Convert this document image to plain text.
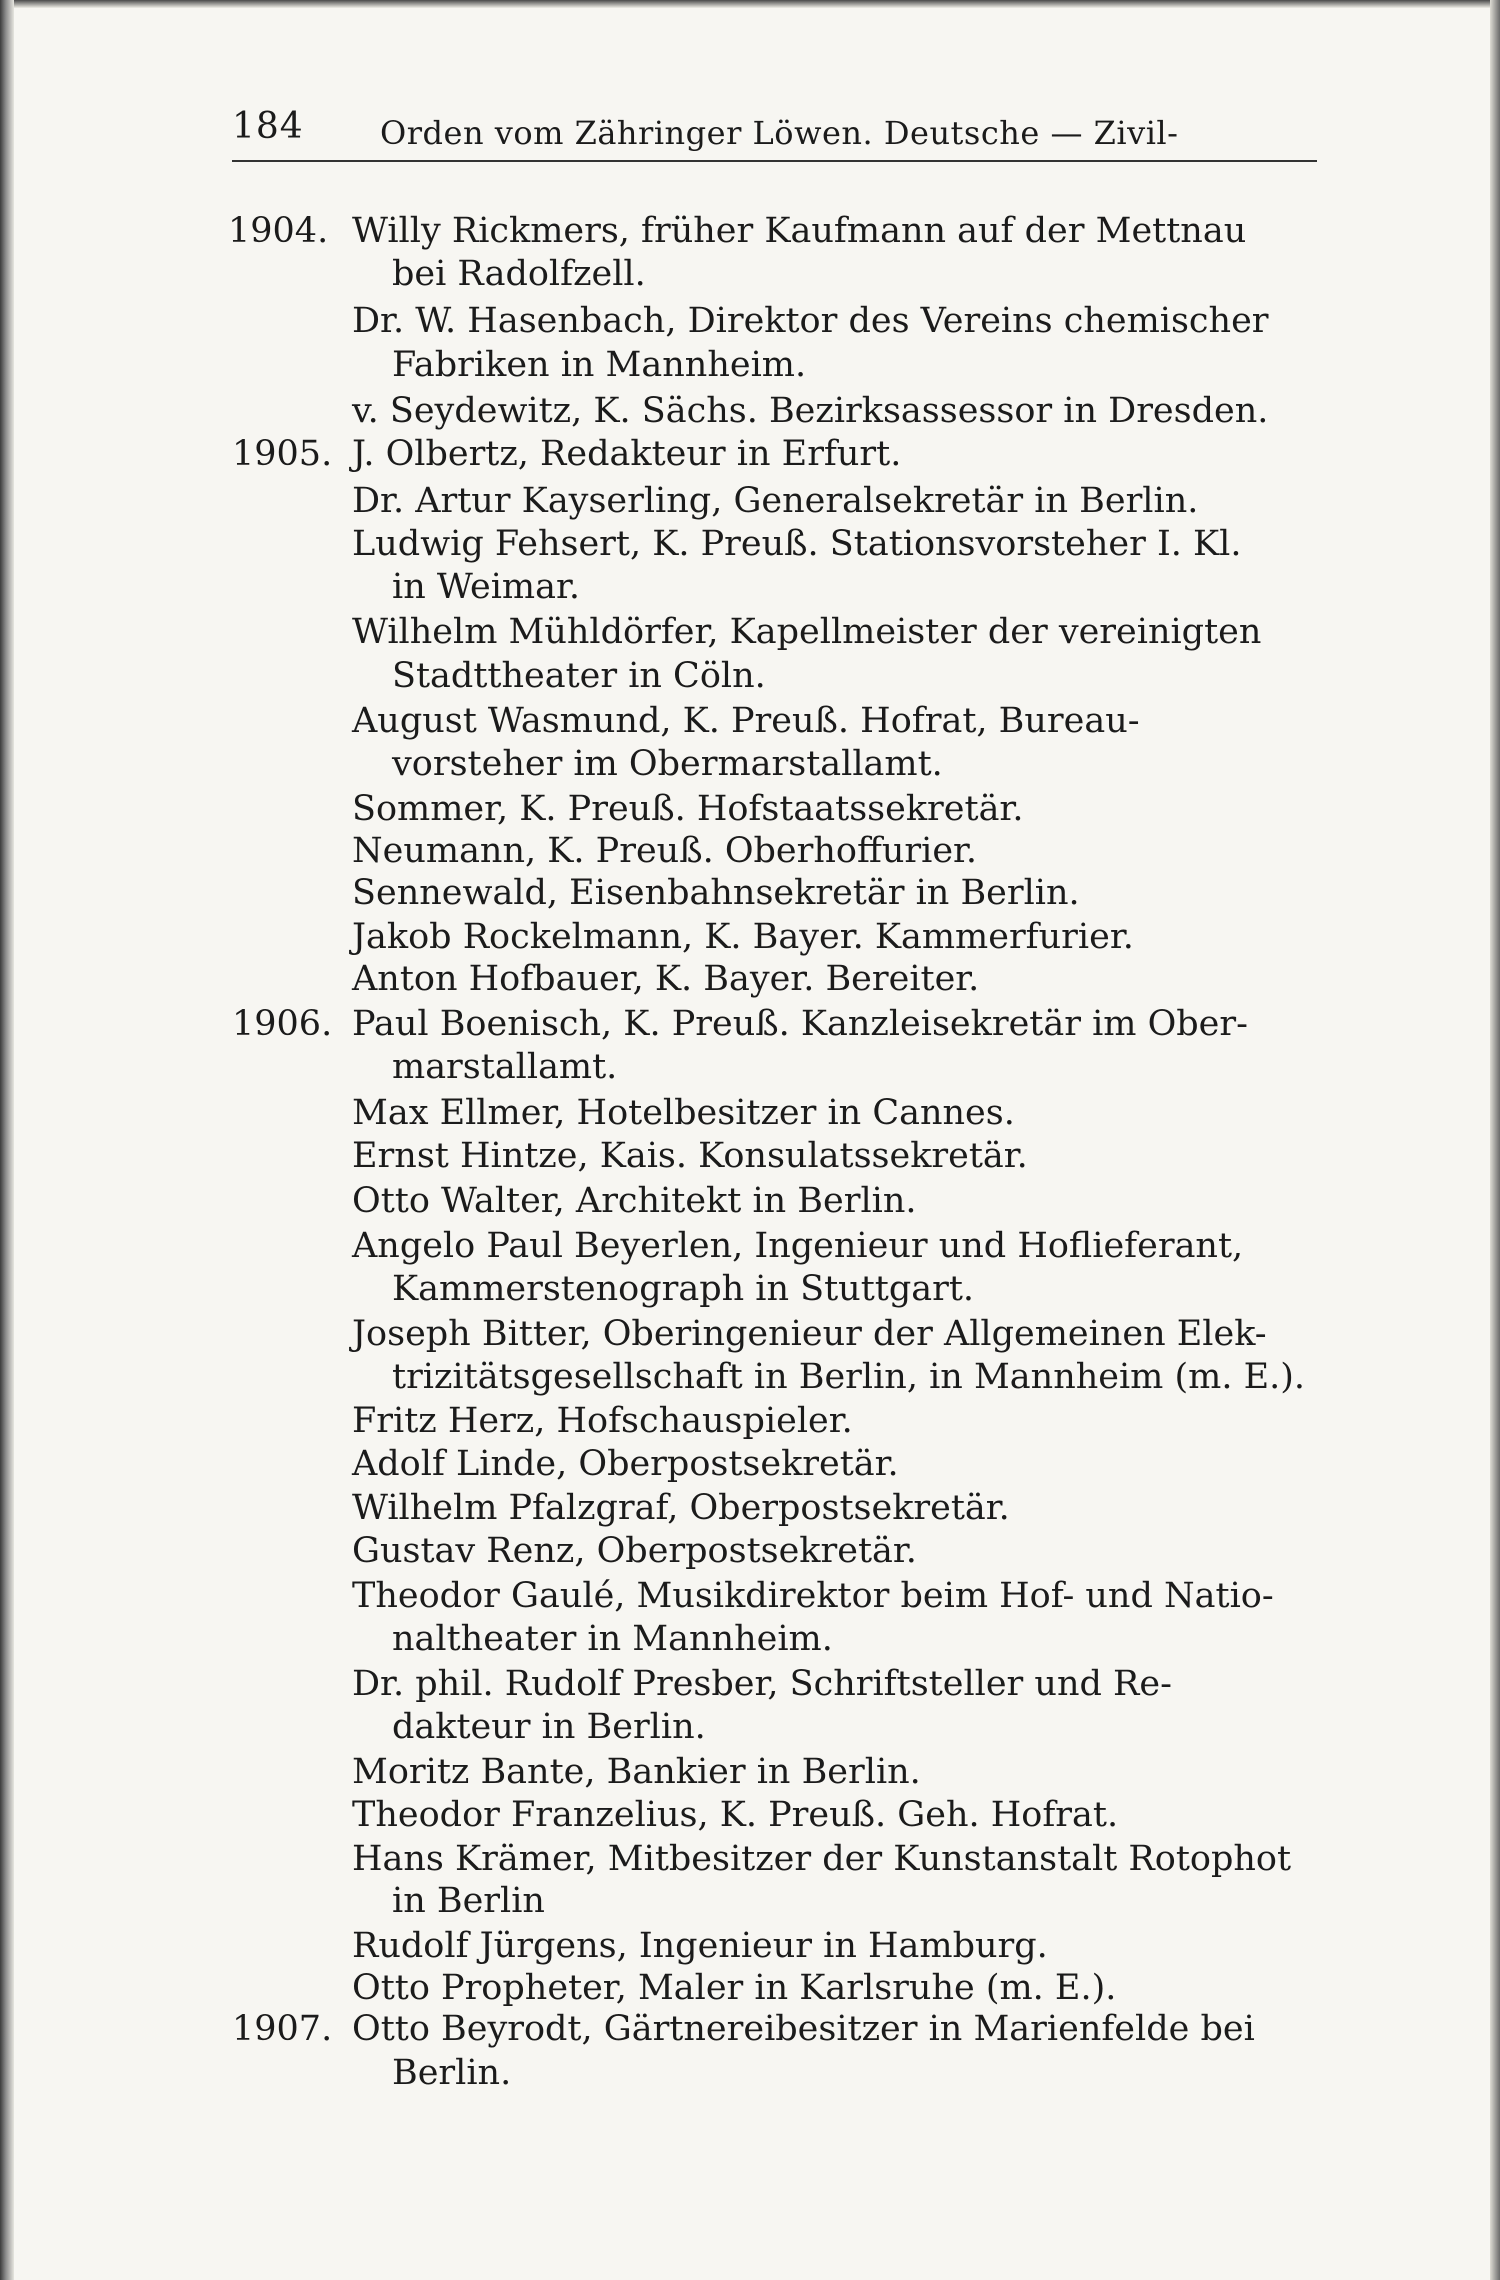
184 Orden vom Zähringer Löwen. Deutsche — Zivil-
1904.
1905.
1906.
1907.
Willy Rickmers, früher Kaufmann auf der Mettnau
bei Radolfzell.
Dr. W. Hasenbach, Direktor des Vereins chemischer
Fabriken in Mannheim.
v. Seydewitz, K. Sächs. Bezirksassessor in Dresden.
J. Olbertz, Redakteur in Erfurt.
Dr. Artur Kayserling, Generalsekretär in Berlin.
Ludwig Fehsert, K. Preuß. Stationsvorsteher I. Kl.
in Weimar.
Wilhelm Mühldörfer, Kapellmeister der vereinigten
Stadttheater in Cöln.
August Wasmund, K. Preuß. Hofrat, Bureau-
vorsteher im Obermarstallamt.
Sommer, K. Preuß. Hofstaatssekretär.
Neumann, K. Preuß. Oberhoffurier.
Sennewald, Eisenbahnsekretär in Berlin.
Jakob Rockelmann, K. Bayer. Kammerfurier.
Anton Hofbauer, K. Bayer. Bereiter.
Paul Boenisch, K. Preuß. Kanzleisekretär im Ober-
marstallamt.
Max Ellmer, Hotelbesitzer in Cannes.
Ernst Hintze, Kais. Konsulatssekretär.
Otto Walter, Architekt in Berlin.
Angelo Paul Beyerlen, Ingenieur und Hoflieferant,
Kammerstenograph in Stuttgart.
Joseph Bitter, Oberingenieur der Allgemeinen Elek-
trizitätsgesellschaft in Berlin, in Mannheim (m. E.).
Fritz Herz, Hofschauspieler.
Adolf Linde, Oberpostsekretär.
Wilhelm Pfalzgraf, Oberpostsekretär.
Gustav Renz, Oberpostsekretär.
Theodor Gaulé, Musikdirektor beim Hof- und Natio-
naltheater in Mannheim.
Dr. phil. Rudolf Presber, Schriftsteller und Re-
dakteur in Berlin.
Moritz Bante, Bankier in Berlin.
Theodor Franzelius, K. Preuß. Geh. Hofrat.
Hans Krämer, Mitbesitzer der Kunstanstalt Rotophot
in Berlin
Rudolf Jürgens, Ingenieur in Hamburg.
Otto Propheter, Maler in Karlsruhe (m. E.).
Otto Beyrodt, Gärtnereibesitzer in Marienfelde bei
Berlin.
